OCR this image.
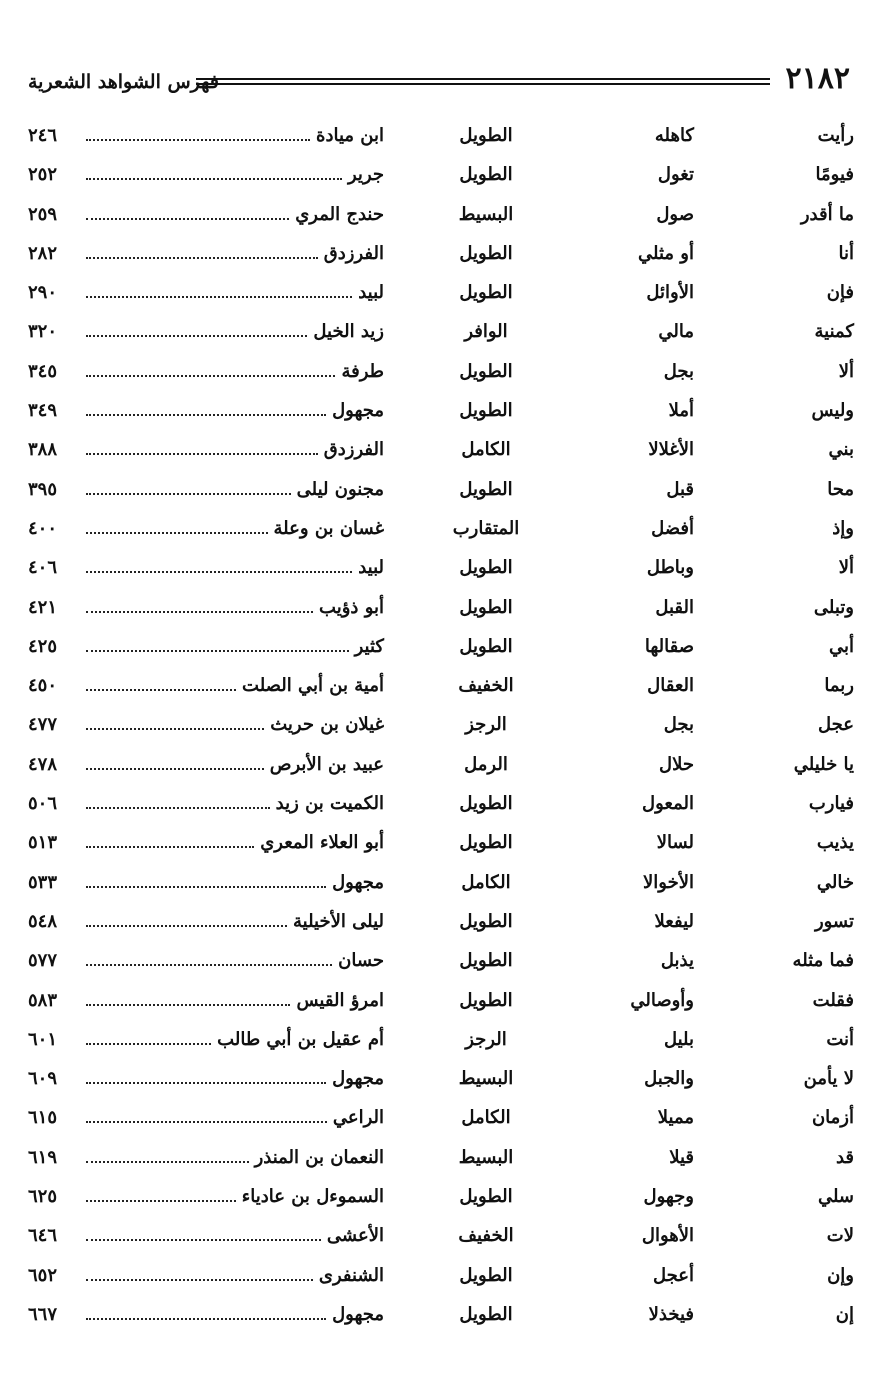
٢١٨٢
فهرس الشواهد الشعرية
رأيت
كاهله
الطويل
ابن ميادة
٢٤٦
فيومًا
تغول
الطويل
جرير
٢٥٢
ما أقدر
صول
البسيط
حندج المري
٢٥٩
أنا
أو مثلي
الطويل
الفرزدق
٢٨٢
فإن
الأوائل
الطويل
لبيد
٢٩٠
كمنية
مالي
الوافر
زيد الخيل
٣٢٠
ألا
بجل
الطويل
طرفة
٣٤٥
وليس
أملا
الطويل
مجهول
٣٤٩
بني
الأغلالا
الكامل
الفرزدق
٣٨٨
محا
قبل
الطويل
مجنون ليلى
٣٩٥
وإذ
أفضل
المتقارب
غسان بن وعلة
٤٠٠
ألا
وباطل
الطويل
لبيد
٤٠٦
وتبلى
القبل
الطويل
أبو ذؤيب
٤٢١
أبي
صقالها
الطويل
كثير
٤٢٥
ربما
العقال
الخفيف
أمية بن أبي الصلت
٤٥٠
عجل
بجل
الرجز
غيلان بن حريث
٤٧٧
يا خليلي
حلال
الرمل
عبيد بن الأبرص
٤٧٨
فيارب
المعول
الطويل
الكميت بن زيد
٥٠٦
يذيب
لسالا
الطويل
أبو العلاء المعري
٥١٣
خالي
الأخوالا
الكامل
مجهول
٥٣٣
تسور
ليفعلا
الطويل
ليلى الأخيلية
٥٤٨
فما مثله
يذبل
الطويل
حسان
٥٧٧
فقلت
وأوصالي
الطويل
امرؤ القيس
٥٨٣
أنت
بليل
الرجز
أم عقيل بن أبي طالب
٦٠١
لا يأمن
والجبل
البسيط
مجهول
٦٠٩
أزمان
مميلا
الكامل
الراعي
٦١٥
قد
قيلا
البسيط
النعمان بن المنذر
٦١٩
سلي
وجهول
الطويل
السموءل بن عادياء
٦٢٥
لات
الأهوال
الخفيف
الأعشى
٦٤٦
وإن
أعجل
الطويل
الشنفرى
٦٥٢
إن
فيخذلا
الطويل
مجهول
٦٦٧
